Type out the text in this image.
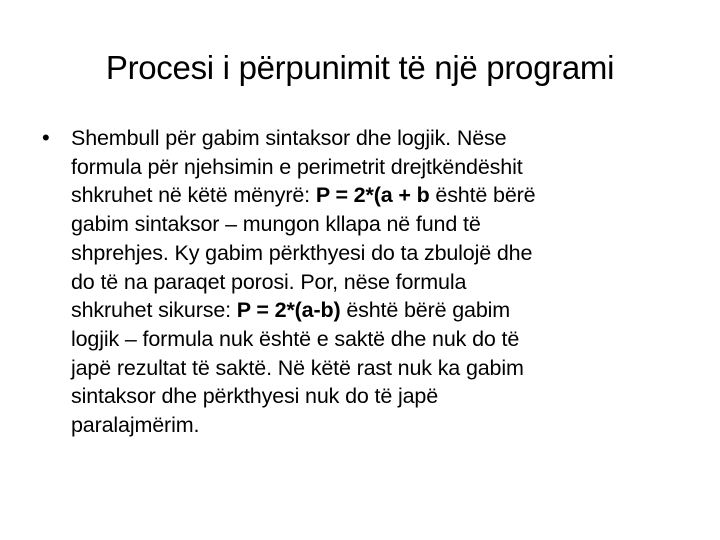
Procesi i përpunimit të një programi
• Shembull për gabim sintaksor dhe logjik. Nëse
formula për njehsimin e perimetrit drejtkëndëshit
shkruhet në këtë mënyrë: P = 2*(a + b është bërë
gabim sintaksor – mungon kllapa në fund të
shprehjes. Ky gabim përkthyesi do ta zbulojë dhe
do të na paraqet porosi. Por, nëse formula
shkruhet sikurse: P = 2*(a-b) është bërë gabim
logjik – formula nuk është e saktë dhe nuk do të
japë rezultat të saktë. Në këtë rast nuk ka gabim
sintaksor dhe përkthyesi nuk do të japë
paralajmërim.
